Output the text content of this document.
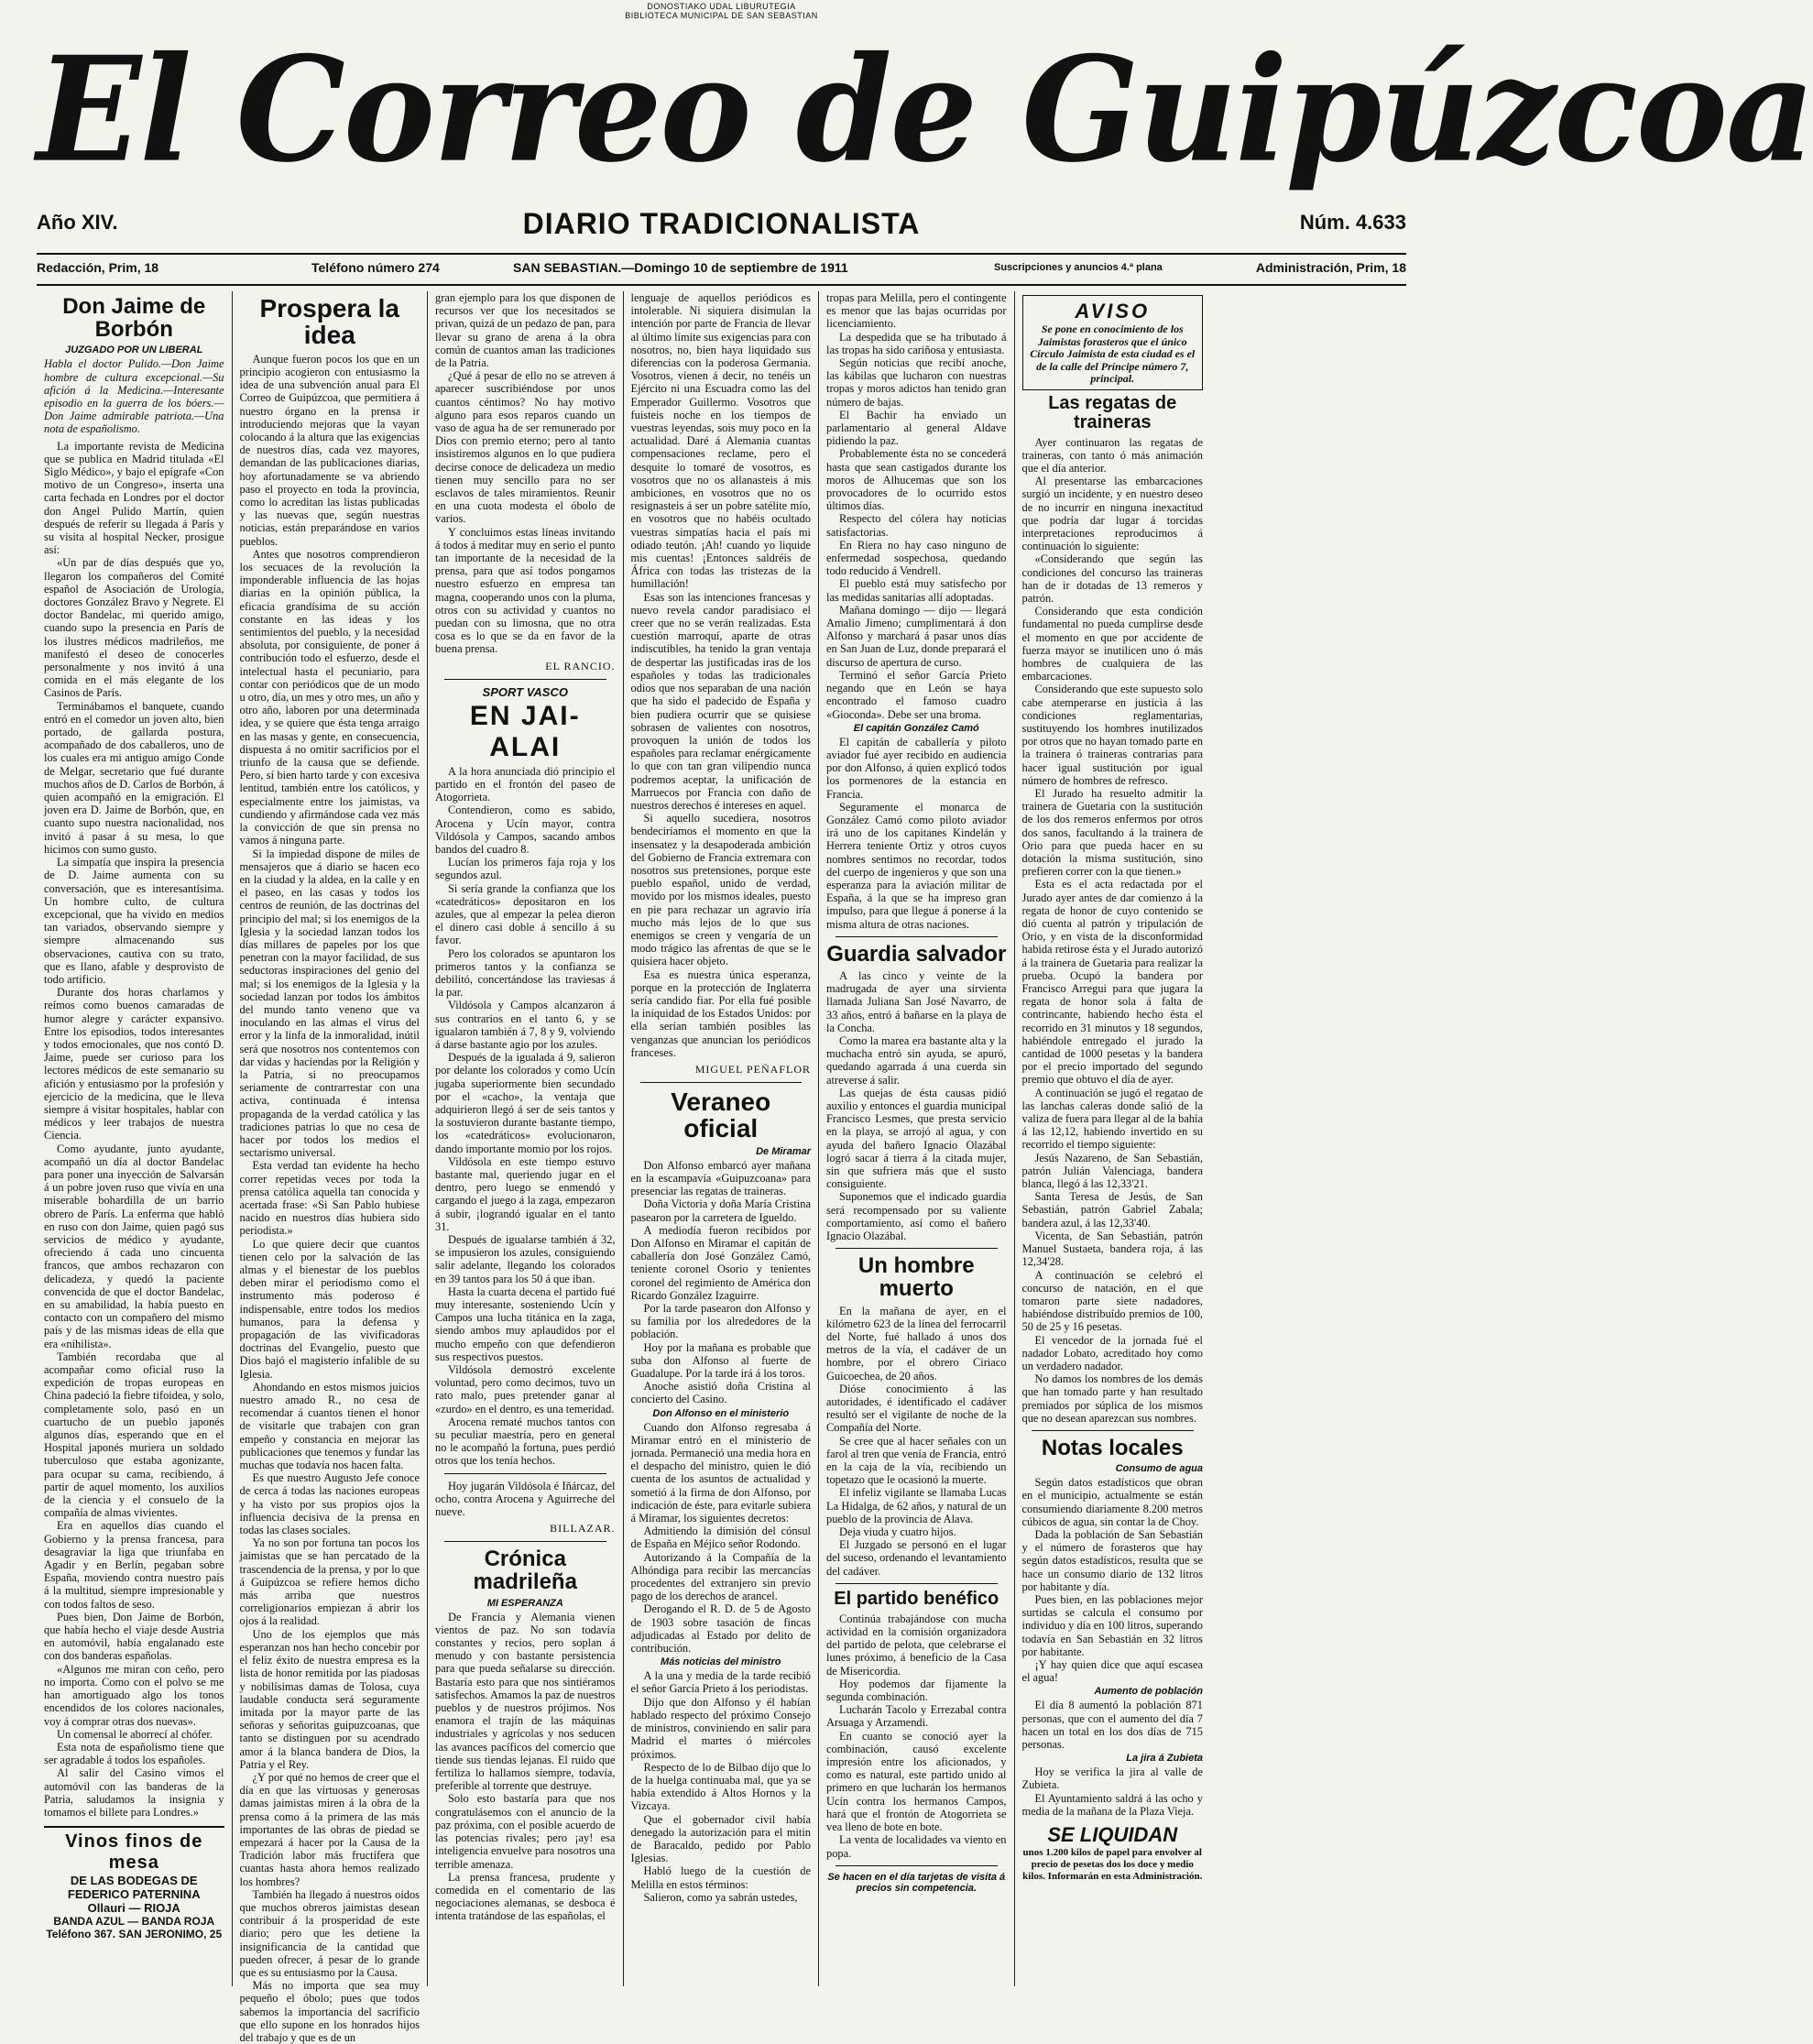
DONOSTIAKO UDAL LIBURUTEGIA
BIBLIOTECA MUNICIPAL DE SAN SEBASTIAN
El Correo de Guipúzcoa
Año XIV.	DIARIO TRADICIONALISTA	Núm. 4.633
Redacción, Prim, 18	Teléfono número 274	SAN SEBASTIAN.—Domingo 10 de septiembre de 1911	Suscripciones y anuncios 4.ª plana	Administración, Prim, 18
Don Jaime de Borbón
JUZGADO POR UN LIBERAL
Habla el doctor Pulido.—Don Jaime hombre de cultura excepcional.—Su afición á la Medicina.—Interesante episodio en la guerra de los bóers.—Don Jaime admirable patriota.—Una nota de españolismo.

La importante revista de Medicina que se publica en Madrid titulada «El Siglo Médico», y bajo el epígrafe «Con motivo de un Congreso», inserta una carta fechada en Londres por el doctor don Angel Pulido Martín, quien después de referir su llegada á París y su visita al hospital Necker, prosigue así:

«Un par de días después que yo, llegaron los compañeros del Comité español de Asociación de Urología, doctores González Bravo y Negrete. El doctor Bandelac, mi querido amigo, cuando supo la presencia en París de los ilustres médicos madrileños, me manifestó el deseo de conocerles personalmente y nos invitó á una comida en el más elegante de los Casinos de París.

Terminábamos el banquete, cuando entró en el comedor un joven alto, bien portado, de gallarda postura, acompañado de dos caballeros, uno de los cuales era mi antiguo amigo Conde de Melgar, secretario que fué durante muchos años de D. Carlos de Borbón, á quien acompañó en la emigración. El joven era D. Jaime de Borbón, que, en cuanto supo nuestra nacionalidad, nos invitó á pasar á su mesa, lo que hicimos con sumo gusto.

La simpatía que inspira la presencia de D. Jaime aumenta con su conversación, que es interesantísima. Un hombre culto, de cultura excepcional, que ha vivido en medios tan variados, observando siempre y siempre almacenando sus observaciones, cautiva con su trato, que es llano, afable y desprovisto de todo artificio.

Durante dos horas charlamos y reímos como buenos camaradas de humor alegre y carácter expansivo. Entre los episodios, todos interesantes y todos emocionales, que nos contó D. Jaime, puede ser curioso para los lectores médicos de este semanario su afición y entusiasmo por la profesión y ejercicio de la medicina, que le lleva siempre á visitar hospitales, hablar con médicos y leer trabajos de nuestra Ciencia.

Como ayudante, junto ayudante, acompañó un día al doctor Bandelac para poner una inyección de Salvarsán á un pobre joven ruso que vivía en una miserable bohardilla de un barrio obrero de París. La enferma que habló en ruso con don Jaime, quien pagó sus servicios de médico y ayudante, ofreciendo á cada uno cincuenta francos, que ambos rechazaron con delicadeza, y quedó la paciente convencida de que el doctor Bandelac, en su amabilidad, la había puesto en contacto con un compañero del mismo país y de las mismas ideas de ella que era «nihilista».

También recordaba que al acompañar como oficial ruso la expedición de tropas europeas en China padeció la fiebre tifoidea, y solo, completamente solo, pasó en un cuartucho de un pueblo japonés algunos días, esperando que en el Hospital japonés muriera un soldado tuberculoso que estaba agonizante, para ocupar su cama, recibiendo, á partir de aquel momento, los auxilios de la ciencia y el consuelo de la compañía de almas vivientes.

Era en aquellos días cuando el Gobierno y la prensa francesa, para desagraviar la liga que triunfaba en Agadir y en Berlín, pegaban sobre España, moviendo contra nuestro país á la multitud, siempre impresionable y con todos faltos de seso.

Pues bien, Don Jaime de Borbón, que había hecho el viaje desde Austria en automóvil, había engalanado este con dos banderas españolas.

«Algunos me miran con ceño, pero no importa. Como con el polvo se me han amortiguado algo los tonos encendidos de los colores nacionales, voy á comprar otras dos nuevas».

Un comensal le aborrecí al chófer.

Esta nota de españolismo tiene que ser agradable á todos los españoles.

Al salir del Casino vimos el automóvil con las banderas de la Patria, saludamos la insignia y tomamos el billete para Londres.»

Vinos finos de mesa
DE LAS BODEGAS DE FEDERICO PATERNINA
Ollauri — RIOJA
BANDA AZUL — BANDA ROJA
Teléfono 367. SAN JERONIMO, 25
Prospera la idea

Aunque fueron pocos los que en un principio acogieron con entusiasmo la idea de una subvención anual para El Correo de Guipúzcoa, que permitiera á nuestro órgano en la prensa ir introduciendo mejoras que la vayan colocando á la altura que las exigencias de nuestros días, cada vez mayores, demandan de las publicaciones diarias, hoy afortunadamente se va abriendo paso el proyecto en toda la provincia, como lo acreditan las listas publicadas y las nuevas que, según nuestras noticias, están preparándose en varios pueblos.

Antes que nosotros comprendieron los secuaces de la revolución la imponderable influencia de las hojas diarias en la opinión pública, la eficacia grandísima de su acción constante en las ideas y los sentimientos del pueblo, y la necesidad absoluta, por consiguiente, de poner á contribución todo el esfuerzo, desde el intelectual hasta el pecuniario, para contar con periódicos que de un modo u otro, día, un mes y otro mes, un año y otro año, laboren por una determinada idea, y se quiere que ésta tenga arraigo en las masas y gente, en consecuencia, dispuesta á no omitir sacrificios por el triunfo de la causa que se defiende. Pero, sí bien harto tarde y con excesiva lentitud, también entre los católicos, y especialmente entre los jaimistas, va cundiendo y afirmándose cada vez más la convicción de que sin prensa no vamos á ninguna parte.

Si la impiedad dispone de miles de mensajeros que á diario se hacen eco en la ciudad y la aldea, en la calle y en el paseo, en las casas y todos los centros de reunión, de las doctrinas del principio del mal; si los enemigos de la Iglesia y la sociedad lanzan todos los días millares de papeles por los que penetran con la mayor facilidad, de sus seductoras inspiraciones del genio del mal; si los enemigos de la Iglesia y la sociedad lanzan por todos los ámbitos del mundo tanto veneno que va inoculando en las almas el virus del error y la linfa de la inmoralidad, inútil será que nosotros nos contentemos con dar vidas y haciendas por la Religión y la Patria, si no preocupamos seriamente de contrarrestar con una activa, continuada é intensa propaganda de la verdad católica y las tradiciones patrias lo que no cesa de hacer por todos los medios el sectarismo universal.

Esta verdad tan evidente ha hecho correr repetidas veces por toda la prensa católica aquella tan conocida y acertada frase: «Si San Pablo hubiese nacido en nuestros días hubiera sido periodista.»

Lo que quiere decir que cuantos tienen celo por la salvación de las almas y el bienestar de los pueblos deben mirar el periodismo como el instrumento más poderoso é indispensable, entre todos los medios humanos, para la defensa y propagación de las vivificadoras doctrinas del Evangelio, puesto que Dios bajó el magisterio infalible de su Iglesia.

Ahondando en estos mismos juicios nuestro amado R., no cesa de recomendar á cuantos tienen el honor de visitarle que trabajen con gran empeño y constancia en mejorar las publicaciones que tenemos y fundar las muchas que todavía nos hacen falta.

Es que nuestro Augusto Jefe conoce de cerca á todas las naciones europeas y ha visto por sus propios ojos la influencia decisiva de la prensa en todas las clases sociales.

Ya no son por fortuna tan pocos los jaimistas que se han percatado de la trascendencia de la prensa, y por lo que á Guipúzcoa se refiere hemos dicho más arriba que nuestros correligionarios empiezan á abrir los ojos á la realidad.

Uno de los ejemplos que más esperanzan nos han hecho concebir por el feliz éxito de nuestra empresa es la lista de honor remitida por las piadosas y nobilísimas damas de Tolosa, cuya laudable conducta será seguramente imitada por la mayor parte de las señoras y señoritas guipuzcoanas, que tanto se distinguen por su acendrado amor á la blanca bandera de Dios, la Patria y el Rey.

¿Y por qué no hemos de creer que el día en que las virtuosas y generosas damas jaimistas miren á la obra de la prensa como á la primera de las más importantes de las obras de piedad se empezará á hacer por la Causa de la Tradición labor más fructífera que cuantas hasta ahora hemos realizado los hombres?

También ha llegado á nuestros oídos que muchos obreros jaimistas desean contribuir á la prosperidad de este diario; pero que les detiene la insignificancia de la cantidad que pueden ofrecer, á pesar de lo grande que es su entusiasmo por la Causa.

Más no importa que sea muy pequeño el óbolo; pues que todos sabemos la importancia del sacrificio que ello supone en los honrados hijos del trabajo y que es de un

gran ejemplo para los que disponen de recursos ver que los necesitados se privan, quizá de un pedazo de pan, para llevar su grano de arena á la obra común de cuantos aman las tradiciones de la Patria.

¿Qué á pesar de ello no se atreven á aparecer suscribiéndose por unos cuantos céntimos? No hay motivo alguno para esos reparos cuando un vaso de agua ha de ser remunerado por Dios con premio eterno; pero al tanto insistiremos algunos en lo que pudiera decirse conoce de delicadeza un medio tienen muy sencillo para no ser esclavos de tales miramientos. Reunir en una cuota modesta el óbolo de varios.

Y concluimos estas líneas invitando á todos á meditar muy en serio el punto tan importante de la necesidad de la prensa, para que así todos pongamos nuestro esfuerzo en empresa tan magna, cooperando unos con la pluma, otros con su actividad y cuantos no puedan con su limosna, que no otra cosa es lo que se da en favor de la buena prensa.

EL RANCIO.
SPORT VASCO
EN JAI-ALAI

A la hora anunciada dió principio el partido en el frontón del paseo de Atogorrieta.

Contendieron, como es sabido, Arocena y Ucín mayor, contra Vildósola y Campos, sacando ambos bandos del cuadro 8.

Lucían los primeros faja roja y los segundos azul.

Si sería grande la confianza que los «catedráticos» depositaron en los azules, que al empezar la pelea dieron el dinero casi doble á sencillo á su favor.

Pero los colorados se apuntaron los primeros tantos y la confianza se debilitó, concertándose las traviesas á la par.

Vildósola y Campos alcanzaron á sus contrarios en el tanto 6, y se igualaron también á 7, 8 y 9, volviendo á darse bastante agio por los azules.

Después de la igualada á 9, salieron por delante los colorados y como Ucín jugaba superiormente bien secundado por el «cacho», la ventaja que adquirieron llegó á ser de seis tantos y la sostuvieron durante bastante tiempo, los «catedráticos» evolucionaron, dando importante momio por los rojos.

Vildósola en este tiempo estuvo bastante mal, queriendo jugar en el dentro, pero luego se enmendó y cargando el juego á la zaga, empezaron á subir, ¡lograndó igualar en el tanto 31.

Después de igualarse también á 32, se impusieron los azules, consiguiendo salir adelante, llegando los colorados en 39 tantos para los 50 á que iban.

Hasta la cuarta decena el partido fué muy interesante, sosteniendo Ucín y Campos una lucha titánica en la zaga, siendo ambos muy aplaudidos por el mucho empeño con que defendieron sus respectivos puestos.

Vildósola demostró excelente voluntad, pero como decimos, tuvo un rato malo, pues pretender ganar al «zurdo» en el dentro, es una temeridad.

Arocena rematé muchos tantos con su peculiar maestría, pero en general no le acompañó la fortuna, pues perdió otros que los tenía hechos.

Hoy jugarán Vildósola é Iñárcaz, del ocho, contra Arocena y Aguirreche del nueve.

BILLAZAR.
Crónica madrileña
MI ESPERANZA

De Francia y Alemania vienen vientos de paz. No son todavía constantes y recios, pero soplan á menudo y con bastante persistencia para que pueda señalarse su dirección. Bastaría esto para que nos sintiéramos satisfechos. Amamos la paz de nuestros pueblos y de nuestros prójimos. Nos enamora el trajín de las máquinas industriales y agrícolas y nos seducen las avances pacíficos del comercio que tiende sus tiendas lejanas. El ruido que fertiliza lo hallamos siempre, todavía, preferible al torrente que destruye.

Solo esto bastaría para que nos congratulásemos con el anuncio de la paz próxima, con el posible acuerdo de las potencias rivales; pero ¡ay! esa inteligencia envuelve para nosotros una terrible amenaza.

La prensa francesa, prudente y comedida en el comentario de las negociaciones alemanas, se desboca é intenta tratándose de las españolas, el

lenguaje de aquellos periódicos es intolerable. Ni siquiera disimulan la intención por parte de Francia de llevar al último límite sus exigencias para con nosotros, no, bien haya liquidado sus diferencias con la poderosa Germania. Vosotros, vienen á decir, no tenéis un Ejército ni una Escuadra como las del Emperador Guillermo. Vosotros que fuisteis noche en los tiempos de vuestras leyendas, sois muy poco en la actualidad. Daré á Alemania cuantas compensaciones reclame, pero el desquite lo tomaré de vosotros, es vosotros que no os allanasteis á mis ambiciones, en vosotros que no os resignasteis á ser un pobre satélite mío, en vosotros que no habéis ocultado vuestras simpatías hacia el país mi odiado teutón. ¡Ah! cuando yo liquide mis cuentas! ¡Entonces saldréis de África con todas las tristezas de la humillación!

Esas son las intenciones francesas y nuevo revela candor paradisiaco el creer que no se verán realizadas. Esta cuestión marroquí, aparte de otras indiscutibles, ha tenido la gran ventaja de despertar las justificadas iras de los españoles y todas las tradicionales odios que nos separaban de una nación que ha sido el padecido de España y bien pudiera ocurrir que se quisiese sobrasen de valientes con nosotros, provoquen la unión de todos los españoles para reclamar enérgicamente lo que con tan gran vilipendio nunca podremos aceptar, la unificación de Marruecos por Francia con daño de nuestros derechos é intereses en aquel.

Si aquello sucediera, nosotros bendeciríamos el momento en que la insensatez y la desapoderada ambición del Gobierno de Francia extremara con nosotros sus pretensiones, porque este pueblo español, unido de verdad, movido por los mismos ideales, puesto en pie para rechazar un agravio iría mucho más lejos de lo que sus enemigos se creen y vengaría de un modo trágico las afrentas de que se le quisiera hacer objeto.

Esa es nuestra única esperanza, porque en la protección de Inglaterra sería candido fiar. Por ella fué posible la iniquidad de los Estados Unidos: por ella serían también posibles las venganzas que anuncian los periódicos franceses.

MIGUEL PEÑAFLOR
Veraneo oficial
De Miramar

Don Alfonso embarcó ayer mañana en la escampavía «Guipuzcoana» para presenciar las regatas de traineras.

Doña Victoria y doña María Cristina pasearon por la carretera de Igueldo.

A mediodía fueron recibidos por Don Alfonso en Miramar el capitán de caballería don José González Camó, teniente coronel Osorio y tenientes coronel del regimiento de América don Ricardo González Izaguirre.

Por la tarde pasearon don Alfonso y su familia por los alrededores de la población.

Hoy por la mañana es probable que suba don Alfonso al fuerte de Guadalupe. Por la tarde irá á los toros.

Anoche asistió doña Cristina al concierto del Casino.

Don Alfonso en el ministerio

Cuando don Alfonso regresaba á Miramar entró en el ministerio de jornada. Permaneció una media hora en el despacho del ministro, quien le dió cuenta de los asuntos de actualidad y sometió á la firma de don Alfonso, por indicación de éste, para evitarle subiera á Miramar, los siguientes decretos:

Admitiendo la dimisión del cónsul de España en Méjico señor Rodondo.

Autorizando á la Compañía de la Alhóndiga para recibir las mercancías procedentes del extranjero sin previo pago de los derechos de arancel.

Derogando el R. D. de 5 de Agosto de 1903 sobre tasación de fincas adjudicadas al Estado por delito de contribución.

Más noticias del ministro

A la una y media de la tarde recibió el señor García Prieto á los periodistas.

Dijo que don Alfonso y él habían hablado respecto del próximo Consejo de ministros, conviniendo en salir para Madrid el martes ó miércoles próximos.

Respecto de lo de Bilbao dijo que lo de la huelga continuaba mal, que ya se había extendido á Altos Hornos y la Vizcaya.

Que el gobernador civil había denegado la autorización para el mitin de Baracaldo, pedido por Pablo Iglesias.

Habló luego de la cuestión de Melilla en estos términos:

Salieron, como ya sabrán ustedes,

tropas para Melilla, pero el contingente es menor que las bajas ocurridas por licenciamiento.

La despedida que se ha tributado á las tropas ha sido cariñosa y entusiasta.

Según noticias que recibí anoche, las kábilas que lucharon con nuestras tropas y moros adictos han tenido gran número de bajas.

El Bachir ha enviado un parlamentario al general Aldave pidiendo la paz.

Probablemente ésta no se concederá hasta que sean castigados durante los moros de Alhucemas que son los provocadores de lo ocurrido estos últimos días.

Respecto del cólera hay noticias satisfactorias.

En Riera no hay caso ninguno de enfermedad sospechosa, quedando todo reducido á Vendrell.

El pueblo está muy satisfecho por las medidas sanitarias allí adoptadas.

Mañana domingo — dijo — llegará Amalio Jimeno; cumplimentará á don Alfonso y marchará á pasar unos días en San Juan de Luz, donde preparará el discurso de apertura de curso.

Terminó el señor García Prieto negando que en León se haya encontrado el famoso cuadro «Gioconda». Debe ser una broma.

El capitán González Camó

El capitán de caballería y piloto aviador fué ayer recibido en audiencia por don Alfonso, á quien explicó todos los pormenores de la estancia en Francia.

Seguramente el monarca de González Camó como piloto aviador irá uno de los capitanes Kindelán y Herrera teniente Ortiz y otros cuyos nombres sentimos no recordar, todos del cuerpo de ingenieros y que son una esperanza para la aviación militar de España, á la que se ha impreso gran impulso, para que llegue á ponerse á la misma altura de otras naciones.

Guardia salvador

A las cinco y veinte de la madrugada de ayer una sirvienta llamada Juliana San José Navarro, de 33 años, entró á bañarse en la playa de la Concha.

Como la marea era bastante alta y la muchacha entró sin ayuda, se apuró, quedando agarrada á una cuerda sin atreverse á salir.

Las quejas de ésta causas pidió auxilio y entonces el guardia municipal Francisco Lesmes, que presta servicio en la playa, se arrojó al agua, y con ayuda del bañero Ignacio Olazábal logró sacar á tierra á la citada mujer, sin que sufriera más que el susto consiguiente.

Suponemos que el indicado guardia será recompensado por su valiente comportamiento, así como el bañero Ignacio Olazábal.

Un hombre muerto

En la mañana de ayer, en el kilómetro 623 de la línea del ferrocarril del Norte, fué hallado á unos dos metros de la vía, el cadáver de un hombre, por el obrero Ciriaco Guicoechea, de 20 años.

Dióse conocimiento á las autoridades, é identificado el cadáver resultó ser el vigilante de noche de la Compañía del Norte.

Se cree que al hacer señales con un farol al tren que venía de Francia, entró en la caja de la vía, recibiendo un topetazo que le ocasionó la muerte.

El infeliz vigilante se llamaba Lucas La Hidalga, de 62 años, y natural de un pueblo de la provincia de Alava.

Deja viuda y cuatro hijos.

El Juzgado se personó en el lugar del suceso, ordenando el levantamiento del cadáver.

El partido benéfico

Continúa trabajándose con mucha actividad en la comisión organizadora del partido de pelota, que celebrarse el lunes próximo, á beneficio de la Casa de Misericordia.

Hoy podemos dar fijamente la segunda combinación.

Lucharán Tacolo y Errezabal contra Arsuaga y Arzamendi.

En cuanto se conoció ayer la combinación, causó excelente impresión entre los aficionados, y como es natural, este partido unido al primero en que lucharán los hermanos Ucín contra los hermanos Campos, hará que el frontón de Atogorrieta se vea lleno de bote en bote.

La venta de localidades va viento en popa.

Se hacen en el día tarjetas de visita á precios sin competencia.
AVISO
Se pone en conocimiento de los Jaimistas forasteros que el único Círculo Jaimista de esta ciudad es el de la calle del Príncipe número 7, principal.
Las regatas de traineras

Ayer continuaron las regatas de traineras, con tanto ó más animación que el día anterior.

Al presentarse las embarcaciones surgió un incidente, y en nuestro deseo de no incurrir en ninguna inexactitud que podría dar lugar á torcidas interpretaciones reproducimos á continuación lo siguiente:

«Considerando que según las condiciones del concurso las traineras han de ir dotadas de 13 remeros y patrón.

Considerando que esta condición fundamental no pueda cumplirse desde el momento en que por accidente de fuerza mayor se inutilicen uno ó más hombres de cualquiera de las embarcaciones.

Considerando que este supuesto solo cabe atemperarse en justicia á las condiciones reglamentarias, sustituyendo los hombres inutilizados por otros que no hayan tomado parte en la trainera ó traineras contrarias para hacer igual sustitución por igual número de hombres de refresco.

El Jurado ha resuelto admitir la trainera de Guetaria con la sustitución de los dos remeros enfermos por otros dos sanos, facultando á la trainera de Orio para que pueda hacer en su dotación la misma sustitución, sino prefieren correr con la que tienen.»

Esta es el acta redactada por el Jurado ayer antes de dar comienzo á la regata de honor de cuyo contenido se dió cuenta al patrón y tripulación de Orio, y en vista de la disconformidad habida retirose ésta y el Jurado autorizó á la trainera de Guetaria para realizar la prueba. Ocupó la bandera por Francisco Arregui para que jugara la regata de honor sola á falta de contrincante, habiendo hecho ésta el recorrido en 31 minutos y 18 segundos, habiéndole entregado el jurado la cantidad de 1000 pesetas y la bandera por el precio importado del segundo premio que obtuvo el día de ayer.

A continuación se jugó el regatao de las lanchas caleras donde salió de la valiza de fuera para llegar al de la bahía á las 12,12, habiendo invertido en su recorrido el tiempo siguiente:

Jesús Nazareno, de San Sebastián, patrón Julián Valenciaga, bandera blanca, llegó á las 12,33'21.

Santa Teresa de Jesús, de San Sebastián, patrón Gabriel Zabala; bandera azul, á las 12,33'40.

Vicenta, de San Sebastián, patrón Manuel Sustaeta, bandera roja, á las 12,34'28.

A continuación se celebró el concurso de natación, en el que tomaron parte siete nadadores, habiéndose distribuído premios de 100, 50 de 25 y 16 pesetas.

El vencedor de la jornada fué el nadador Lobato, acreditado hoy como un verdadero nadador.

No damos los nombres de los demás que han tomado parte y han resultado premiados por súplica de los mismos que no desean aparezcan sus nombres.

Notas locales
Consumo de agua

Según datos estadísticos que obran en el municipio, actualmente se están consumiendo diariamente 8.200 metros cúbicos de agua, sin contar la de Choy.

Dada la población de San Sebastián y el número de forasteros que hay según datos estadísticos, resulta que se hace un consumo diario de 132 litros por habitante y día.

Pues bien, en las poblaciones mejor surtidas se calcula el consumo por individuo y día en 100 litros, superando todavía en San Sebastián en 32 litros por habitante.

¡Y hay quien dice que aquí escasea el agua!

Aumento de población

El día 8 aumentó la población 871 personas, que con el aumento del día 7 hacen un total en los dos días de 715 personas.

La jira á Zubieta

Hoy se verifica la jira al valle de Zubieta.

El Ayuntamiento saldrá á las ocho y media de la mañana de la Plaza Vieja.

SE LIQUIDAN
unos 1.200 kilos de papel para envolver al precio de pesetas dos los doce y medio kilos. Informarán en esta Administración.
